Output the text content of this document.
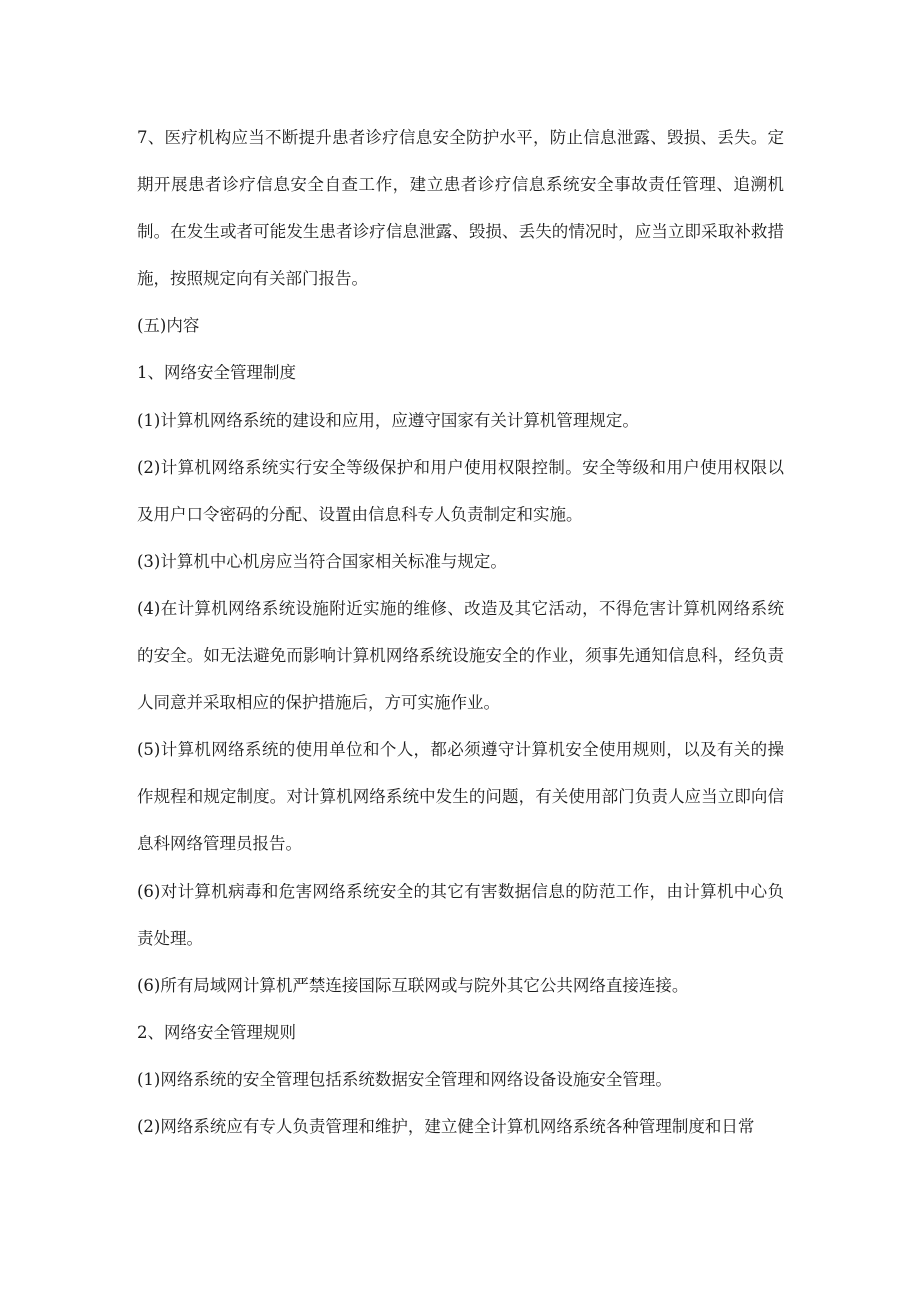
7、医疗机构应当不断提升患者诊疗信息安全防护水平，防止信息泄露、毁损、丢失。定期开展患者诊疗信息安全自查工作，建立患者诊疗信息系统安全事故责任管理、追溯机制。在发生或者可能发生患者诊疗信息泄露、毁损、丢失的情况时，应当立即采取补救措施，按照规定向有关部门报告。

(五)内容

1、网络安全管理制度

(1)计算机网络系统的建设和应用，应遵守国家有关计算机管理规定。

(2)计算机网络系统实行安全等级保护和用户使用权限控制。安全等级和用户使用权限以及用户口令密码的分配、设置由信息科专人负责制定和实施。

(3)计算机中心机房应当符合国家相关标准与规定。

(4)在计算机网络系统设施附近实施的维修、改造及其它活动，不得危害计算机网络系统的安全。如无法避免而影响计算机网络系统设施安全的作业，须事先通知信息科，经负责人同意并采取相应的保护措施后，方可实施作业。

(5)计算机网络系统的使用单位和个人，都必须遵守计算机安全使用规则，以及有关的操作规程和规定制度。对计算机网络系统中发生的问题，有关使用部门负责人应当立即向信息科网络管理员报告。

(6)对计算机病毒和危害网络系统安全的其它有害数据信息的防范工作，由计算机中心负责处理。

(6)所有局域网计算机严禁连接国际互联网或与院外其它公共网络直接连接。

2、网络安全管理规则

(1)网络系统的安全管理包括系统数据安全管理和网络设备设施安全管理。

(2)网络系统应有专人负责管理和维护，建立健全计算机网络系统各种管理制度和日常
